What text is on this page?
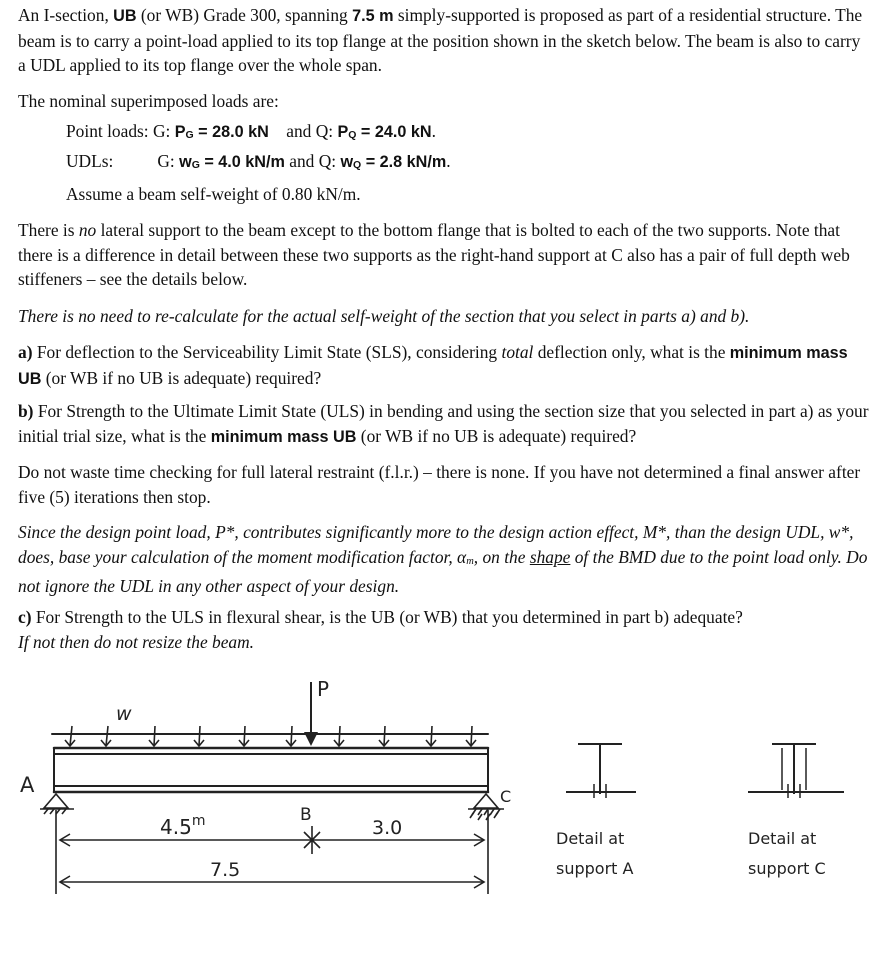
An I-section, UB (or WB) Grade 300, spanning 7.5 m simply-supported is proposed as part of a residential structure. The beam is to carry a point-load applied to its top flange at the position shown in the sketch below. The beam is also to carry a UDL applied to its top flange over the whole span.

The nominal superimposed loads are:
Point loads: G: PG = 28.0 kN and Q: PQ = 24.0 kN.
UDLs:	G: wG = 4.0 kN/m and Q: wQ = 2.8 kN/m.
Assume a beam self-weight of 0.80 kN/m.

There is no lateral support to the beam except to the bottom flange that is bolted to each of the two supports. Note that there is a difference in detail between these two supports as the right-hand support at C also has a pair of full depth web stiffeners – see the details below.

There is no need to re-calculate for the actual self-weight of the section that you select in parts a) and b).

a) For deflection to the Serviceability Limit State (SLS), considering total deflection only, what is the minimum mass UB (or WB if no UB is adequate) required?

b) For Strength to the Ultimate Limit State (ULS) in bending and using the section size that you selected in part a) as your initial trial size, what is the minimum mass UB (or WB if no UB is adequate) required?

Do not waste time checking for full lateral restraint (f.l.r.) – there is none. If you have not determined a final answer after five (5) iterations then stop.

Since the design point load, P*, contributes significantly more to the design action effect, M*, than the design UDL, w*, does, base your calculation of the moment modification factor, αm, on the shape of the BMD due to the point load only. Do not ignore the UDL in any other aspect of your design.

c) For Strength to the ULS in flexural shear, is the UB (or WB) that you determined in part b) adequate?
If not then do not resize the beam.

P
w
A	C
4.5$^m$	B
3.0
7.5
Detail at
support A
Detail at
support C
